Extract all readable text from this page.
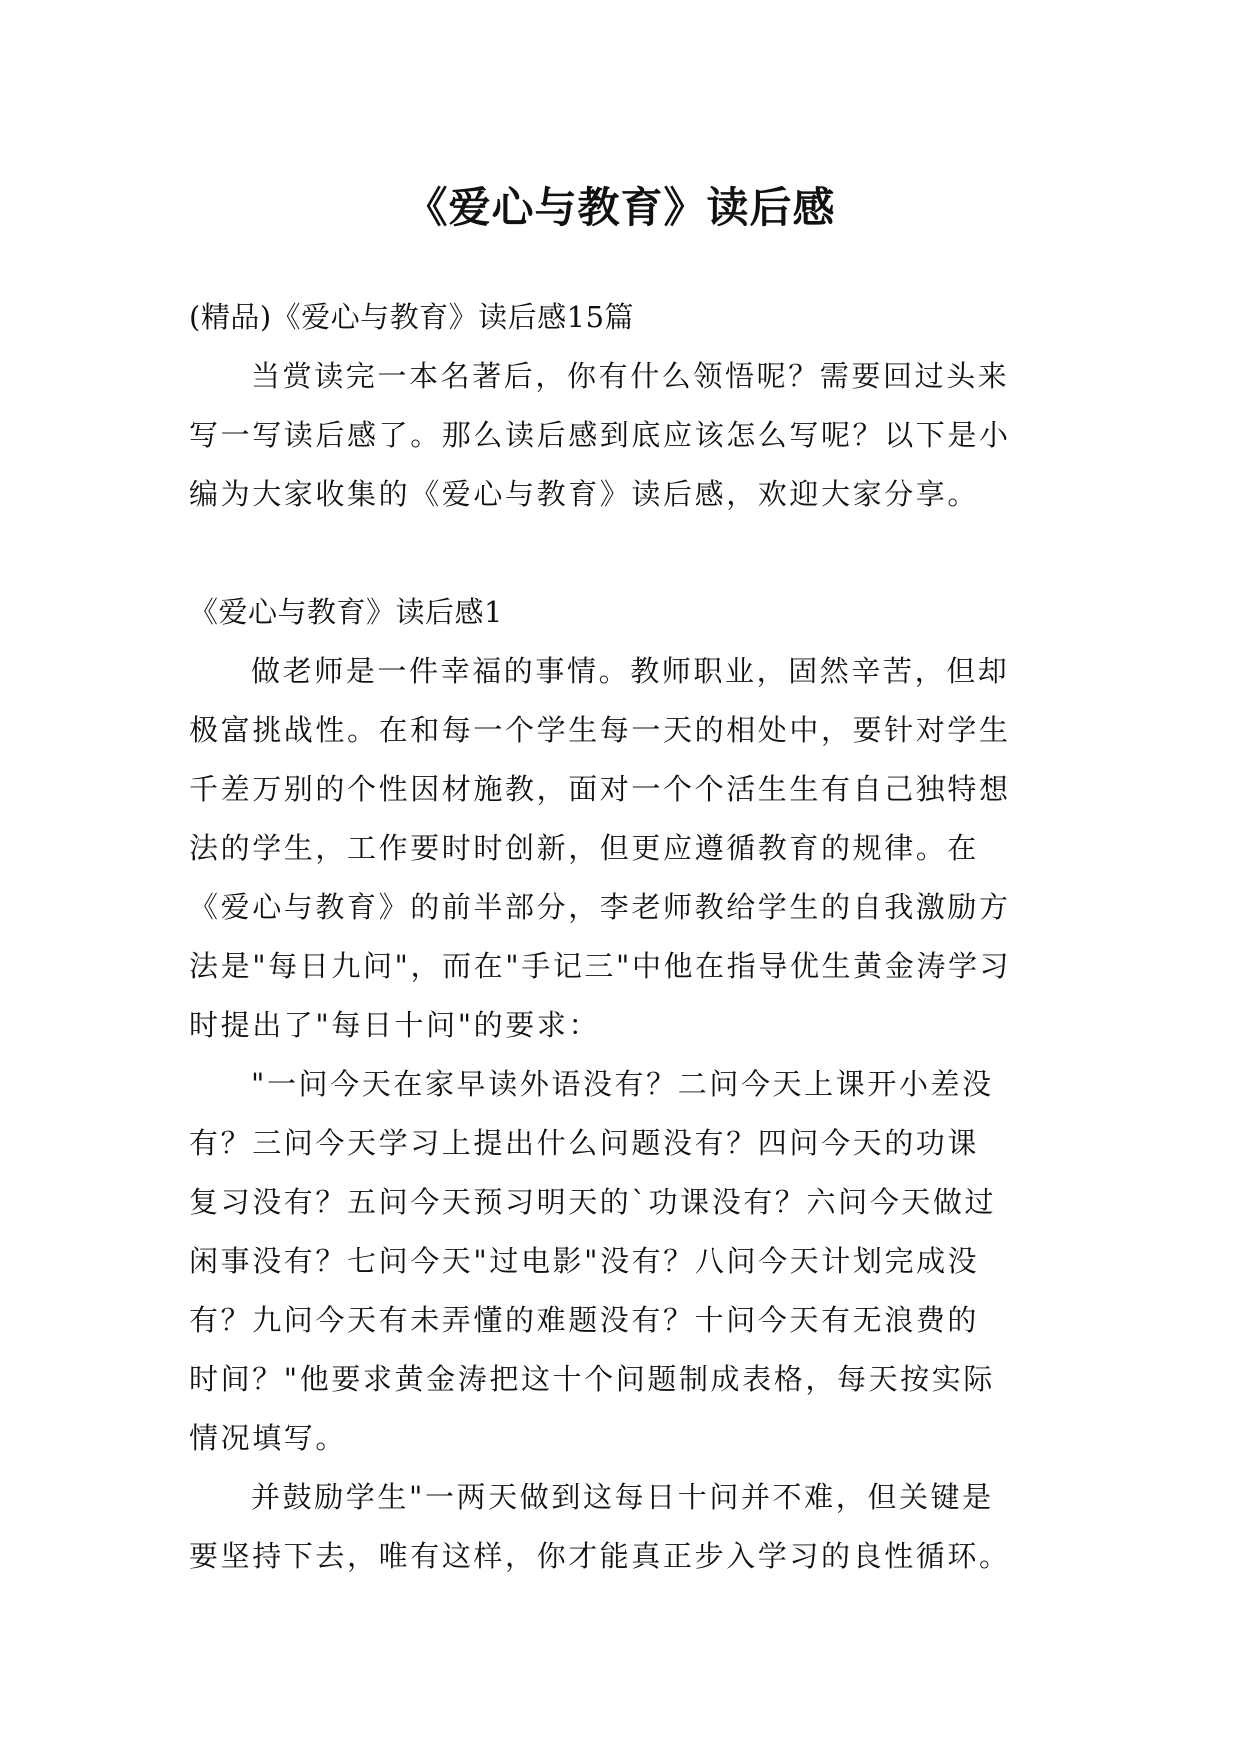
《爱心与教育》读后感

(精品)《爱心与教育》读后感15篇

当赏读完一本名著后，你有什么领悟呢？需要回过头来

写一写读后感了。那么读后感到底应该怎么写呢？以下是小

编为大家收集的《爱心与教育》读后感，欢迎大家分享。

《爱心与教育》读后感1

做老师是一件幸福的事情。教师职业，固然辛苦，但却

极富挑战性。在和每一个学生每一天的相处中，要针对学生

千差万别的个性因材施教，面对一个个活生生有自己独特想

法的学生，工作要时时创新，但更应遵循教育的规律。在

《爱心与教育》的前半部分，李老师教给学生的自我激励方

法是"每日九问"，而在"手记三"中他在指导优生黄金涛学习

时提出了"每日十问"的要求：

"一问今天在家早读外语没有？二问今天上课开小差没

有？三问今天学习上提出什么问题没有？四问今天的功课

复习没有？五问今天预习明天的`功课没有？六问今天做过

闲事没有？七问今天"过电影"没有？八问今天计划完成没

有？九问今天有未弄懂的难题没有？十问今天有无浪费的

时间？"他要求黄金涛把这十个问题制成表格，每天按实际

情况填写。

并鼓励学生"一两天做到这每日十问并不难，但关键是

要坚持下去，唯有这样，你才能真正步入学习的良性循环。
